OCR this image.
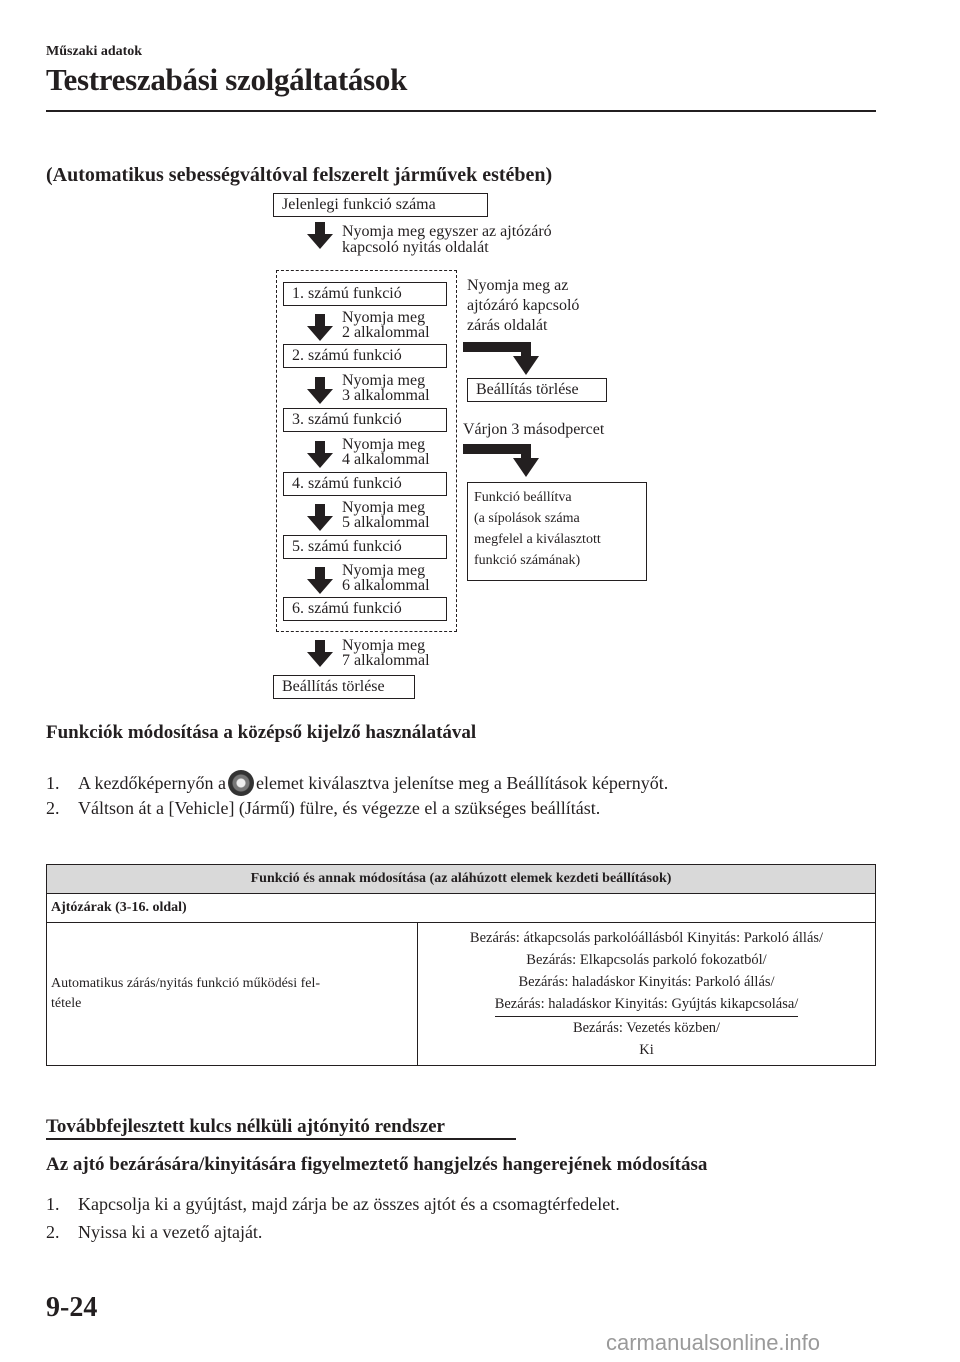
Műszaki adatok
Testreszabási szolgáltatások
(Automatikus sebességváltóval felszerelt járművek estében)
Jelenlegi funkció száma
Nyomja meg egyszer az ajtózáró
kapcsoló nyitás oldalát
1. számú funkció
Nyomja meg
2 alkalommal
2. számú funkció
Nyomja meg
3 alkalommal
3. számú funkció
Nyomja meg
4 alkalommal
4. számú funkció
Nyomja meg
5 alkalommal
5. számú funkció
Nyomja meg
6 alkalommal
6. számú funkció
Nyomja meg
7 alkalommal
Beállítás törlése
Nyomja meg az
ajtózáró kapcsoló
zárás oldalát
Beállítás törlése
Várjon 3 másodpercet
Funkció beállítva
(a sípolások száma
megfelel a kiválasztott
funkció számának)
Funkciók módosítása a középső kijelző használatával
1. A kezdőképernyőn a elemet kiválasztva jelenítse meg a Beállítások képernyőt.
2. Váltson át a [Vehicle] (Jármű) fülre, és végezze el a szükséges beállítást.
Funkció és annak módosítása (az aláhúzott elemek kezdeti beállítások)
Ajtózárak (3-16. oldal)

Automatikus zárás/nyitás funkció működési fel-
tétele

Bezárás: átkapcsolás parkolóállásból Kinyitás: Parkoló állás/
Bezárás: Elkapcsolás parkoló fokozatból/
Bezárás: haladáskor Kinyitás: Parkoló állás/
Bezárás: haladáskor Kinyitás: Gyújtás kikapcsolása/
Bezárás: Vezetés közben/
Ki
Továbbfejlesztett kulcs nélküli ajtónyitó rendszer
Az ajtó bezárására/kinyitására figyelmeztető hangjelzés hangerejének módosítása
1. Kapcsolja ki a gyújtást, majd zárja be az összes ajtót és a csomagtérfedelet.
2. Nyissa ki a vezető ajtaját.
9-24
carmanualsonline.info
